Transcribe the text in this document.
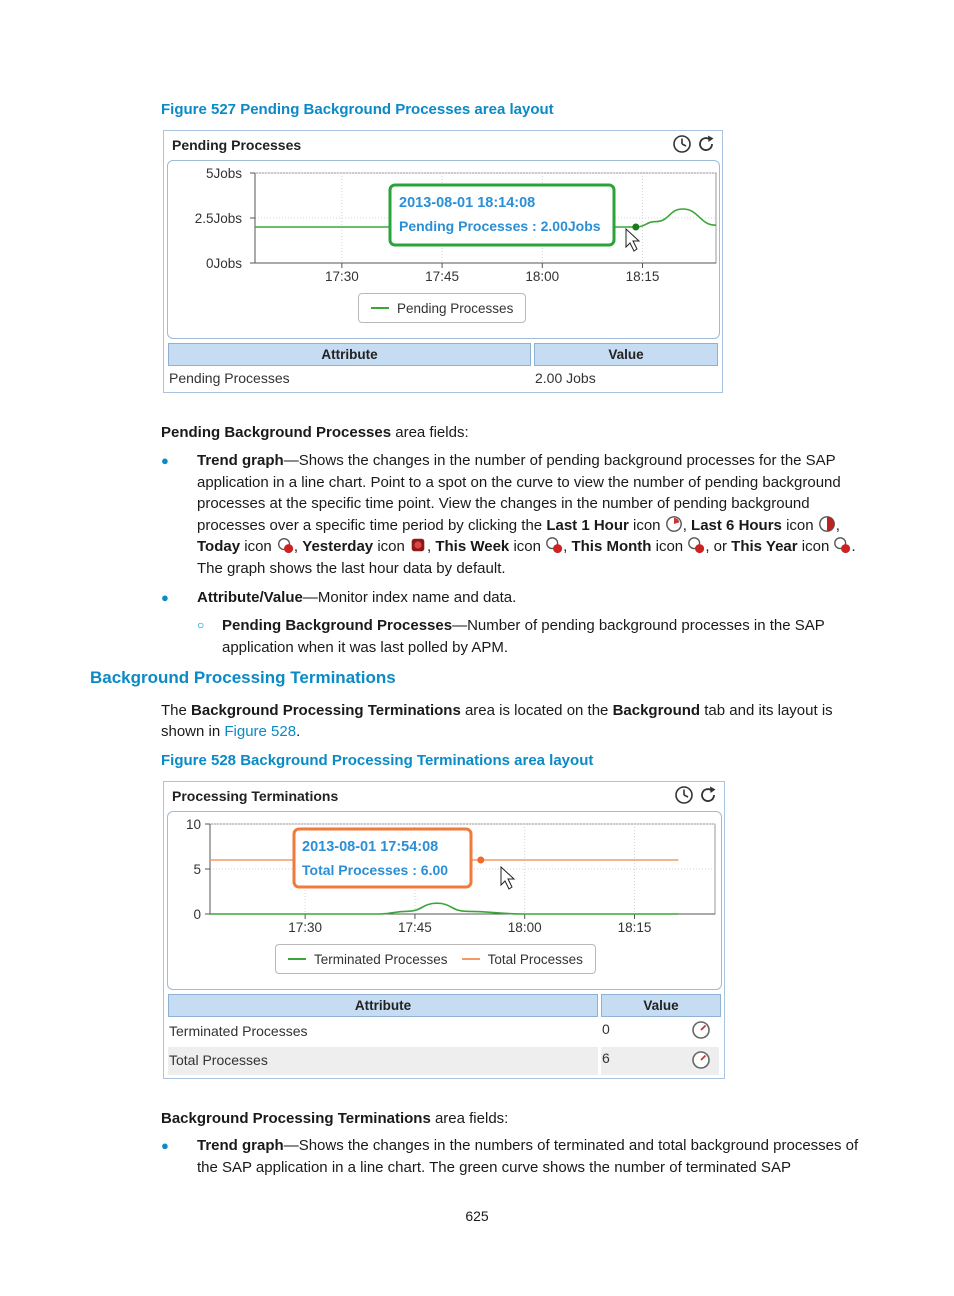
Figure 527 Pending Background Processes area layout
Pending Processes
17:30	17:45	18:00	18:15
5Jobs
2.5Jobs
0Jobs
2013-08-01 18:14:08
Pending Processes : 2.00Jobs
Pending Processes
Attribute	Value
Pending Processes	2.00 Jobs
Pending Background Processes area fields:
● Trend graph—Shows the changes in the number of pending background processes for the SAP application in a line chart. Point to a spot on the curve to view the number of pending background processes at the specific time point. View the changes in the number of pending background processes over a specific time period by clicking the Last 1 Hour icon , Last 6 Hours icon , Today icon , Yesterday icon , This Week icon , This Month icon , or This Year icon . The graph shows the last hour data by default.
● Attribute/Value—Monitor index name and data.
○ Pending Background Processes—Number of pending background processes in the SAP application when it was last polled by APM.
Background Processing Terminations
The Background Processing Terminations area is located on the Background tab and its layout is shown in Figure 528.
Figure 528 Background Processing Terminations area layout
Processing Terminations
17:30	17:45	18:00	18:15
10
5
0
2013-08-01 17:54:08
Total Processes : 6.00
Terminated Processes	Total Processes
Attribute	Value
Terminated Processes	0
Total Processes	6
Background Processing Terminations area fields:
● Trend graph—Shows the changes in the numbers of terminated and total background processes of the SAP application in a line chart. The green curve shows the number of terminated SAP
625
